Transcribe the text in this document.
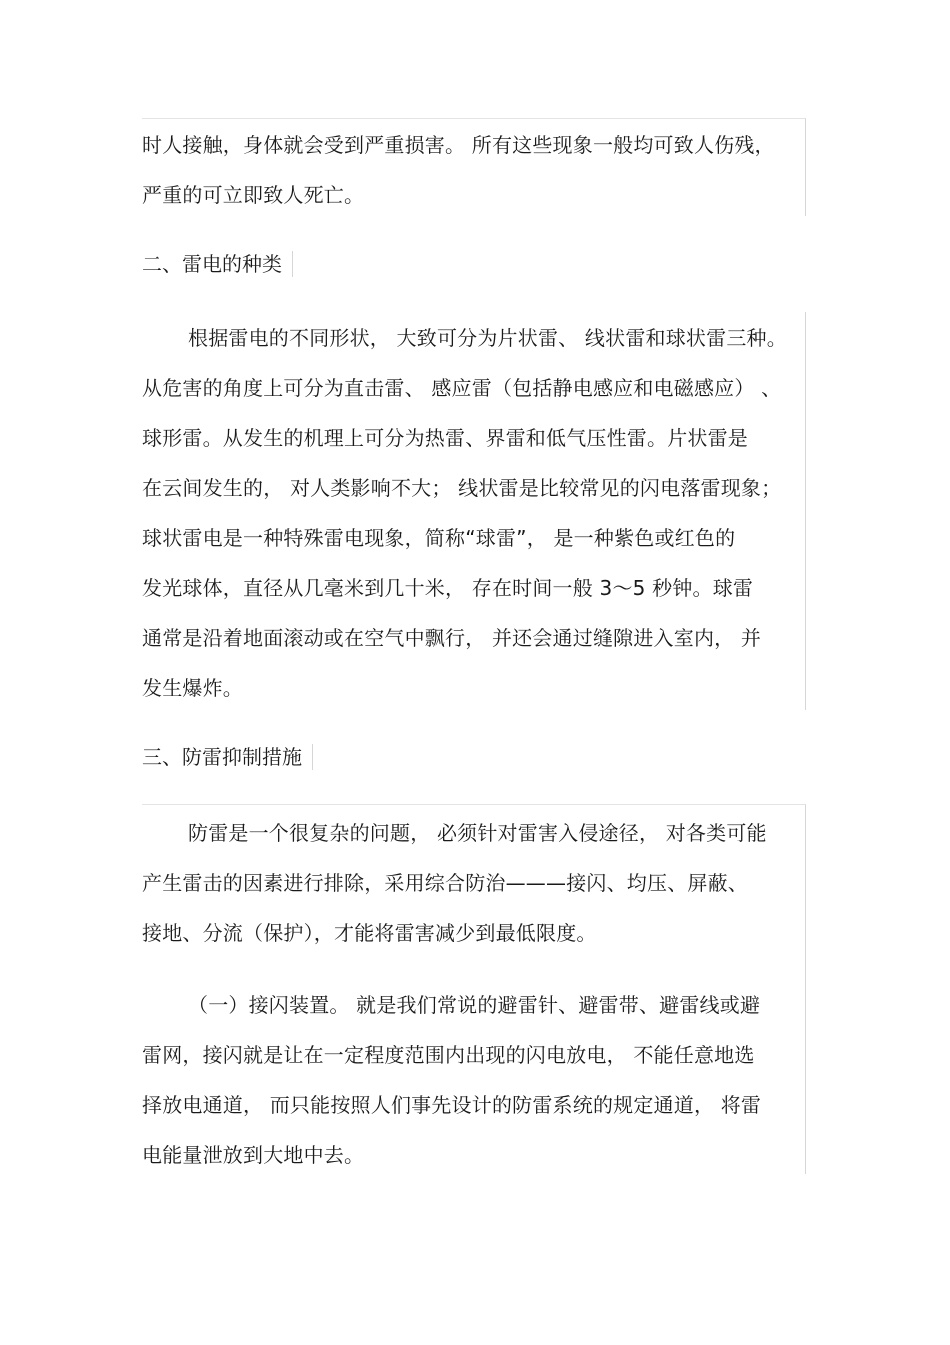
时人接触，身体就会受到严重损害。 所有这些现象一般均可致人伤残，
严重的可立即致人死亡。
二、雷电的种类
根据雷电的不同形状， 大致可分为片状雷、 线状雷和球状雷三种。
从危害的角度上可分为直击雷、 感应雷（包括静电感应和电磁感应） 、
球形雷。从发生的机理上可分为热雷、界雷和低气压性雷。片状雷是
在云间发生的， 对人类影响不大； 线状雷是比较常见的闪电落雷现象；
球状雷电是一种特殊雷电现象，简称“球雷”， 是一种紫色或红色的
发光球体，直径从几毫米到几十米， 存在时间一般 3～5 秒钟。球雷
通常是沿着地面滚动或在空气中飘行， 并还会通过缝隙进入室内， 并
发生爆炸。
三、防雷抑制措施
防雷是一个很复杂的问题， 必须针对雷害入侵途径， 对各类可能
产生雷击的因素进行排除，采用综合防治———接闪、均压、屏蔽、
接地、分流（保护），才能将雷害减少到最低限度。
（一）接闪装置。 就是我们常说的避雷针、避雷带、避雷线或避
雷网，接闪就是让在一定程度范围内出现的闪电放电， 不能任意地选
择放电通道， 而只能按照人们事先设计的防雷系统的规定通道， 将雷
电能量泄放到大地中去。
